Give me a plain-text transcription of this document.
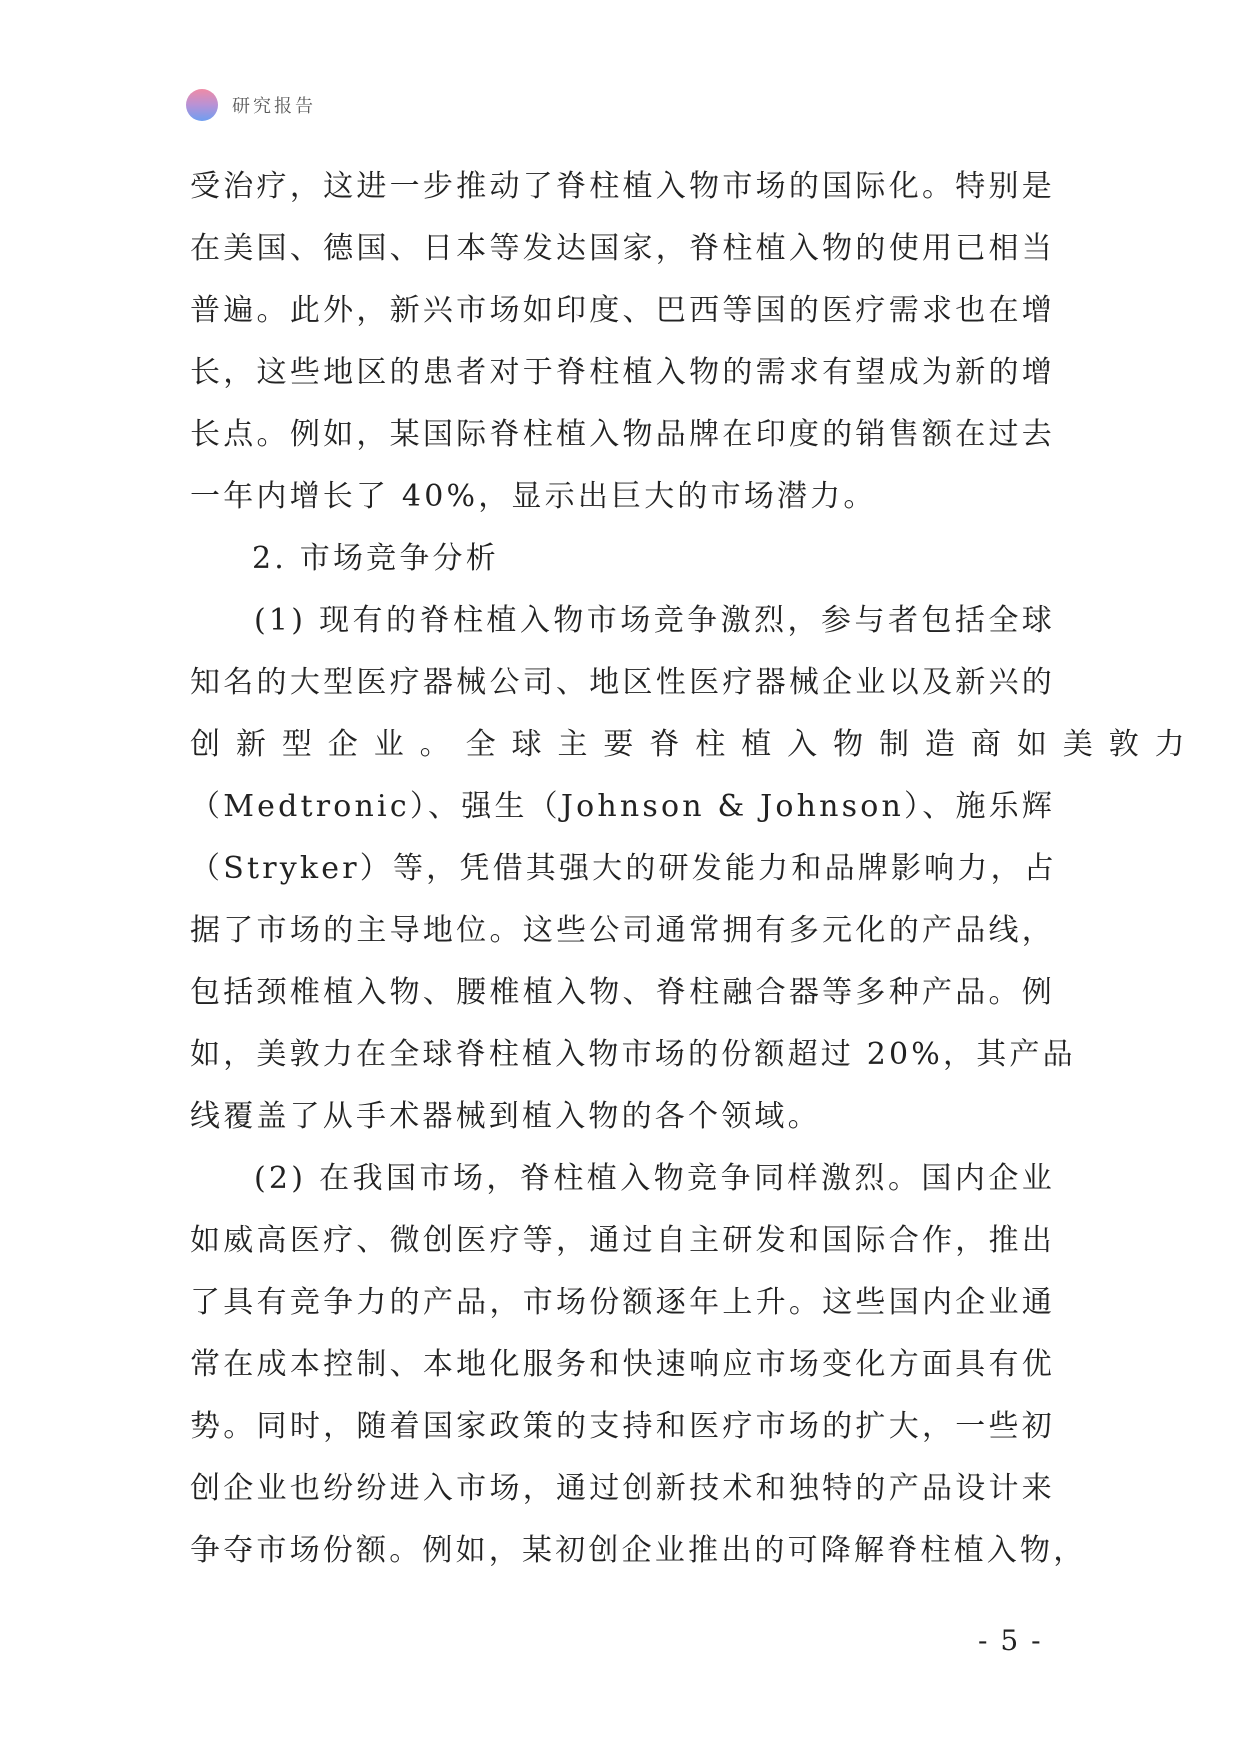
研究报告
受治疗，这进一步推动了脊柱植入物市场的国际化。特别是
在美国、德国、日本等发达国家，脊柱植入物的使用已相当
普遍。此外，新兴市场如印度、巴西等国的医疗需求也在增
长，这些地区的患者对于脊柱植入物的需求有望成为新的增
长点。例如，某国际脊柱植入物品牌在印度的销售额在过去
一年内增长了 40%，显示出巨大的市场潜力。
2. 市场竞争分析
(1) 现有的脊柱植入物市场竞争激烈，参与者包括全球
知名的大型医疗器械公司、地区性医疗器械企业以及新兴的
创 新 型 企 业 。 全 球 主 要 脊 柱 植 入 物 制 造 商 如 美 敦 力
（Medtronic）、强生（Johnson & Johnson）、施乐辉
（Stryker）等，凭借其强大的研发能力和品牌影响力，占
据了市场的主导地位。这些公司通常拥有多元化的产品线，
包括颈椎植入物、腰椎植入物、脊柱融合器等多种产品。例
如，美敦力在全球脊柱植入物市场的份额超过 20%，其产品
线覆盖了从手术器械到植入物的各个领域。
(2) 在我国市场，脊柱植入物竞争同样激烈。国内企业
如威高医疗、微创医疗等，通过自主研发和国际合作，推出
了具有竞争力的产品，市场份额逐年上升。这些国内企业通
常在成本控制、本地化服务和快速响应市场变化方面具有优
势。同时，随着国家政策的支持和医疗市场的扩大，一些初
创企业也纷纷进入市场，通过创新技术和独特的产品设计来
争夺市场份额。例如，某初创企业推出的可降解脊柱植入物，
- 5 -
